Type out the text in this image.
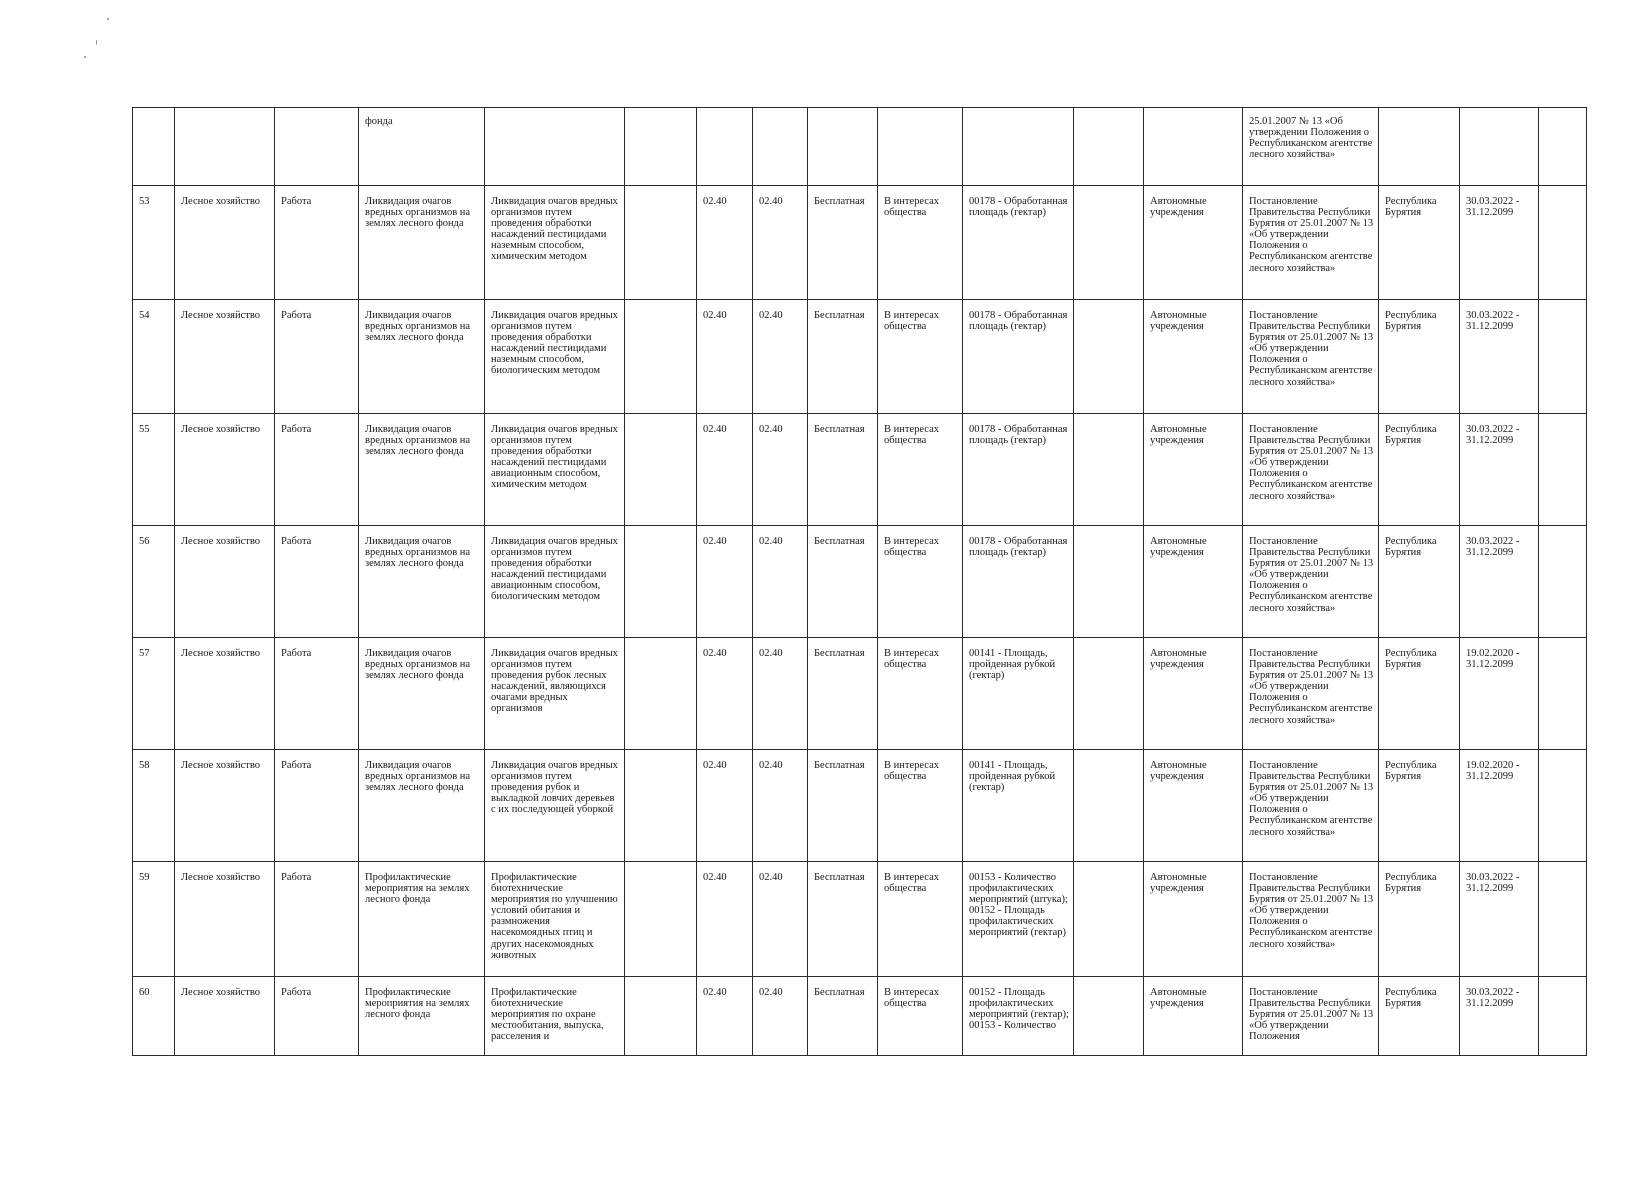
			фонда										25.01.2007 № 13 «Об утверждении Положения о Республиканском агентстве лесного хозяйства»			
53	Лесное хозяйство	Работа	Ликвидация очагов вредных организмов на землях лесного фонда	Ликвидация очагов вредных организмов путем проведения обработки насаждений пестицидами наземным способом, химическим методом		02.40	02.40	Бесплатная	В интересах общества	00178 - Обработанная площадь (гектар)		Автономные учреждения	Постановление Правительства Республики Бурятия от 25.01.2007 № 13 «Об утверждении Положения о Республиканском агентстве лесного хозяйства»	Республика Бурятия	30.03.2022 - 31.12.2099	
54	Лесное хозяйство	Работа	Ликвидация очагов вредных организмов на землях лесного фонда	Ликвидация очагов вредных организмов путем проведения обработки насаждений пестицидами наземным способом, биологическим методом		02.40	02.40	Бесплатная	В интересах общества	00178 - Обработанная площадь (гектар)		Автономные учреждения	Постановление Правительства Республики Бурятия от 25.01.2007 № 13 «Об утверждении Положения о Республиканском агентстве лесного хозяйства»	Республика Бурятия	30.03.2022 - 31.12.2099	
55	Лесное хозяйство	Работа	Ликвидация очагов вредных организмов на землях лесного фонда	Ликвидация очагов вредных организмов путем проведения обработки насаждений пестицидами авиационным способом, химическим методом		02.40	02.40	Бесплатная	В интересах общества	00178 - Обработанная площадь (гектар)		Автономные учреждения	Постановление Правительства Республики Бурятия от 25.01.2007 № 13 «Об утверждении Положения о Республиканском агентстве лесного хозяйства»	Республика Бурятия	30.03.2022 - 31.12.2099	
56	Лесное хозяйство	Работа	Ликвидация очагов вредных организмов на землях лесного фонда	Ликвидация очагов вредных организмов путем проведения обработки насаждений пестицидами авиационным способом, биологическим методом		02.40	02.40	Бесплатная	В интересах общества	00178 - Обработанная площадь (гектар)		Автономные учреждения	Постановление Правительства Республики Бурятия от 25.01.2007 № 13 «Об утверждении Положения о Республиканском агентстве лесного хозяйства»	Республика Бурятия	30.03.2022 - 31.12.2099	
57	Лесное хозяйство	Работа	Ликвидация очагов вредных организмов на землях лесного фонда	Ликвидация очагов вредных организмов путем проведения рубок лесных насаждений, являющихся очагами вредных организмов		02.40	02.40	Бесплатная	В интересах общества	00141 - Площадь, пройденная рубкой (гектар)		Автономные учреждения	Постановление Правительства Республики Бурятия от 25.01.2007 № 13 «Об утверждении Положения о Республиканском агентстве лесного хозяйства»	Республика Бурятия	19.02.2020 - 31.12.2099	
58	Лесное хозяйство	Работа	Ликвидация очагов вредных организмов на землях лесного фонда	Ликвидация очагов вредных организмов путем проведения рубок и выкладкой ловчих деревьев с их последующей уборкой		02.40	02.40	Бесплатная	В интересах общества	00141 - Площадь, пройденная рубкой (гектар)		Автономные учреждения	Постановление Правительства Республики Бурятия от 25.01.2007 № 13 «Об утверждении Положения о Республиканском агентстве лесного хозяйства»	Республика Бурятия	19.02.2020 - 31.12.2099	
59	Лесное хозяйство	Работа	Профилактические мероприятия на землях лесного фонда	Профилактические биотехнические мероприятия по улучшению условий обитания и размножения насекомоядных птиц и других насекомоядных животных		02.40	02.40	Бесплатная	В интересах общества	00153 - Количество профилактических мероприятий (штука);
00152 - Площадь профилактических мероприятий (гектар)		Автономные учреждения	Постановление Правительства Республики Бурятия от 25.01.2007 № 13 «Об утверждении Положения о Республиканском агентстве лесного хозяйства»	Республика Бурятия	30.03.2022 - 31.12.2099	
60	Лесное хозяйство	Работа	Профилактические мероприятия на землях лесного фонда	Профилактические биотехнические мероприятия по охране местообитания, выпуска, расселения и		02.40	02.40	Бесплатная	В интересах общества	00152 - Площадь профилактических мероприятий (гектар);
00153 - Количество		Автономные учреждения	Постановление Правительства Республики Бурятия от 25.01.2007 № 13 «Об утверждении Положения	Республика Бурятия	30.03.2022 - 31.12.2099	
